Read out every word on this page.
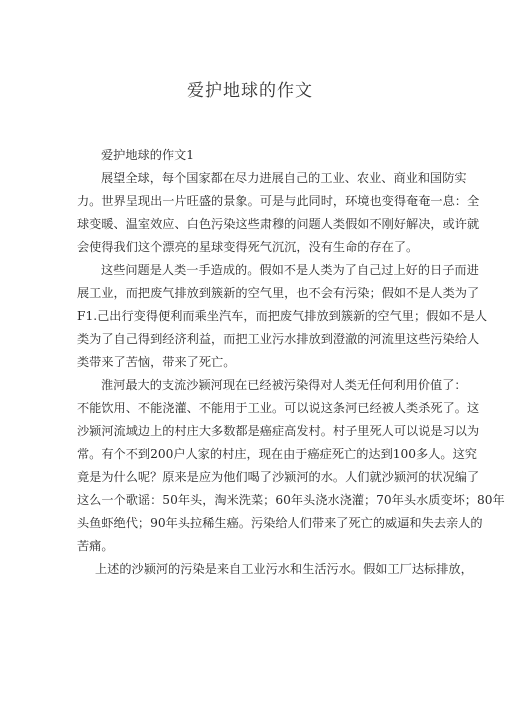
爱护地球的作文
爱护地球的作文1
展望全球，每个国家都在尽力进展自己的工业、农业、商业和国防实
力。世界呈现出一片旺盛的景象。可是与此同时，环境也变得奄奄一息：全
球变暖、温室效应、白色污染这些肃穆的问题人类假如不刚好解决，或许就
会使得我们这个漂亮的星球变得死气沉沉，没有生命的存在了。
这些问题是人类一手造成的。假如不是人类为了自己过上好的日子而进
展工业，而把废气排放到簇新的空气里，也不会有污染；假如不是人类为了
F1.己出行变得便利而乘坐汽车，而把废气排放到簇新的空气里；假如不是人
类为了自己得到经济利益，而把工业污水排放到澄澈的河流里这些污染给人
类带来了苦恼，带来了死亡。
淮河最大的支流沙颍河现在已经被污染得对人类无任何利用价值了：
不能饮用、不能浇灌、不能用于工业。可以说这条河已经被人类杀死了。这
沙颍河流域边上的村庄大多数都是癌症高发村。村子里死人可以说是习以为
常。有个不到200户人家的村庄，现在由于癌症死亡的达到100多人。这究
竟是为什么呢？原来是应为他们喝了沙颍河的水。人们就沙颍河的状况编了
这么一个歌谣：50年头，淘米洗菜；60年头浇水浇灌；70年头水质变坏；80年
头鱼虾绝代；90年头拉稀生癌。污染给人们带来了死亡的威逼和失去亲人的
苦痛。
上述的沙颍河的污染是来自工业污水和生活污水。假如工厂达标排放，
